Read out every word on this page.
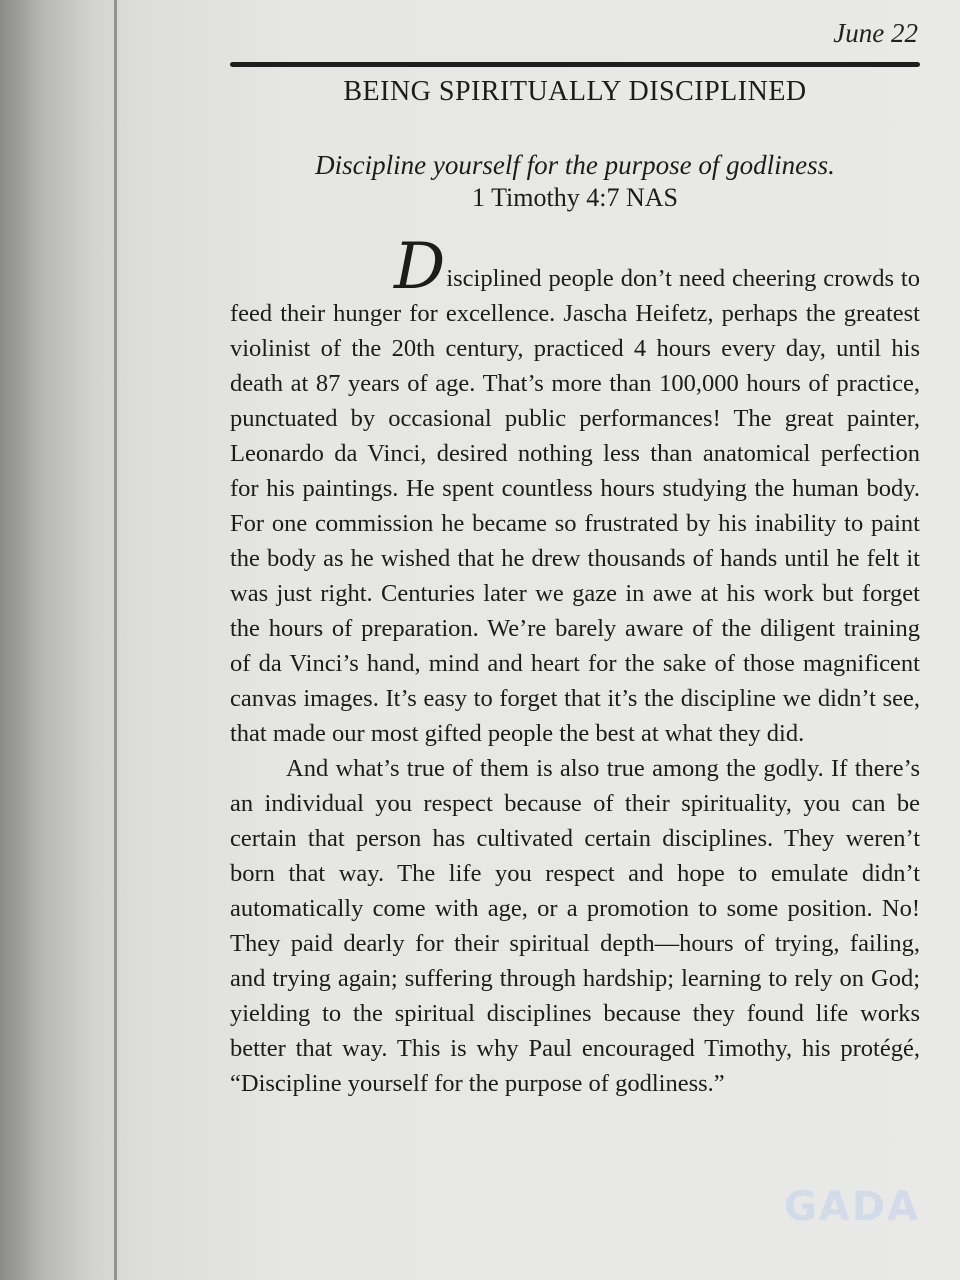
June 22
BEING SPIRITUALLY DISCIPLINED
Discipline yourself for the purpose of godliness.
1 Timothy 4:7 NAS

Disciplined people don’t need cheering crowds to feed their hunger for excellence. Jascha Heifetz, perhaps the greatest violinist of the 20th century, practiced 4 hours every day, until his death at 87 years of age. That’s more than 100,000 hours of practice, punctuated by occasional public performances! The great painter, Leonardo da Vinci, desired nothing less than anatomical perfection for his paintings. He spent countless hours studying the human body. For one commission he became so frustrated by his inability to paint the body as he wished that he drew thousands of hands until he felt it was just right. Centuries later we gaze in awe at his work but forget the hours of preparation. We’re barely aware of the diligent training of da Vinci’s hand, mind and heart for the sake of those magnificent canvas images. It’s easy to forget that it’s the discipline we didn’t see, that made our most gifted people the best at what they did.

And what’s true of them is also true among the godly. If there’s an individual you respect because of their spirituality, you can be certain that person has cultivated certain disciplines. They weren’t born that way. The life you respect and hope to emulate didn’t automatically come with age, or a promotion to some position. No! They paid dearly for their spiritual depth—hours of trying, failing, and trying again; suffering through hardship; learning to rely on God; yielding to the spiritual disciplines because they found life works better that way. This is why Paul encouraged Timothy, his protégé, “Discipline yourself for the purpose of godliness.”

GADA
